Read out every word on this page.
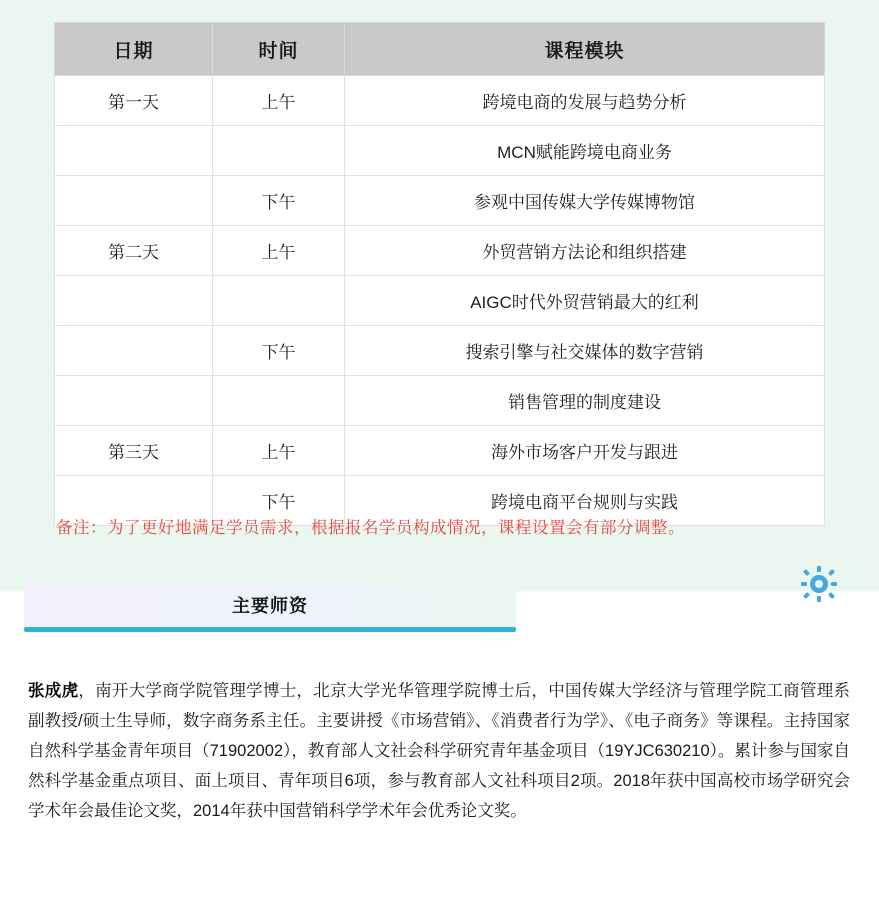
日期	时间	课程模块
第一天	上午	跨境电商的发展与趋势分析
		MCN赋能跨境电商业务
	下午	参观中国传媒大学传媒博物馆
第二天	上午	外贸营销方法论和组织搭建
		AIGC时代外贸营销最大的红利
	下午	搜索引擎与社交媒体的数字营销
		销售管理的制度建设
第三天	上午	海外市场客户开发与跟进
	下午	跨境电商平台规则与实践
备注：为了更好地满足学员需求，根据报名学员构成情况，课程设置会有部分调整。
主要师资
张成虎，南开大学商学院管理学博士，北京大学光华管理学院博士后，中国传媒大学经济与管理学院工商管理系副教授/硕士生导师，数字商务系主任。主要讲授《市场营销》、《消费者行为学》、《电子商务》等课程。主持国家自然科学基金青年项目（71902002），教育部人文社会科学研究青年基金项目（19YJC630210）。累计参与国家自然科学基金重点项目、面上项目、青年项目6项，参与教育部人文社科项目2项。2018年获中国高校市场学研究会学术年会最佳论文奖，2014年获中国营销科学学术年会优秀论文奖。
